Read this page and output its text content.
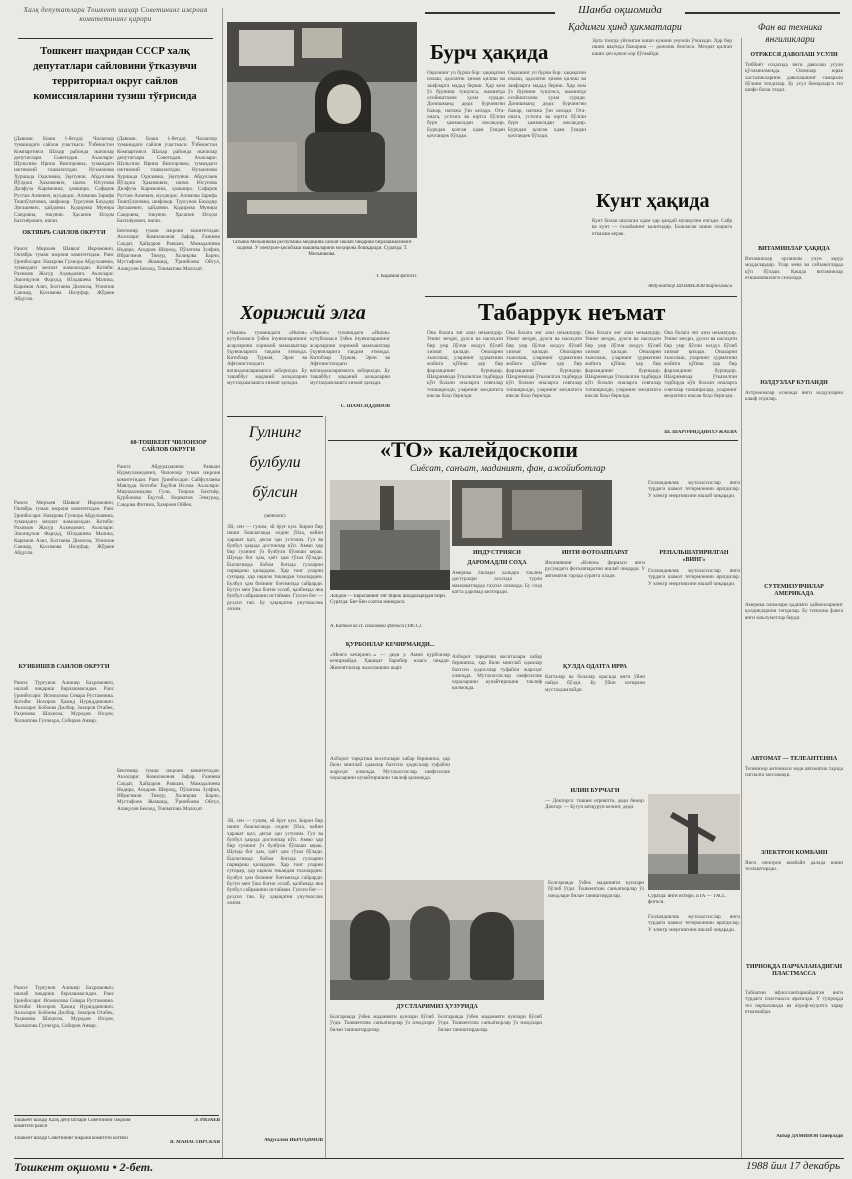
Халқ депутатлари Тошкент шаҳар Советининг ижроия комитетининг қарори
Тошкент шаҳридан СССР халқ депутатлари сайловини ўтказувчи территориал округ сайлов комиссияларини тузиш тўғрисида
(Давоми. Боши 1-бетда). Чиланзор туманидаги сайлов участкаси. Ўзбекистон Компартияси Шаҳар районда ишчилар депутатлари Советидан. Аъзолари: Шульгина Ирина Викторовна, тумандаги ижтимоий ташкилотдан. Нуъмонова Хуршида Одиловна, ўқитувчи. Абдуллаев Йўлдош Ҳакимович, ишчи. Юсупова Дилфуза Каримовна, ҳамшира. Сафаров Рустам Алиевич, муҳандис. Алимова Зарифа Тошпўлатовна, шифокор. Турсунов Баҳодир Эргашевич, ҳайдовчи. Қодирова Мунира Саидовна, тикувчи. Ҳасанов Илҳом Бахтиёрович, ишчи.
(Давоми. Боши 1-бетда). Чиланзор туманидаги сайлов участкаси. Ўзбекистон Компартияси Шаҳар районда ишчилар депутатлари Советидан. Аъзолари: Шульгина Ирина Викторовна, тумандаги ижтимоий ташкилотдан. Нуъмонова Хуршида Одиловна, ўқитувчи. Абдуллаев Йўлдош Ҳакимович, ишчи. Юсупова Дилфуза Каримовна, ҳамшира. Сафаров Рустам Алиевич, муҳандис. Алимова Зарифа Тошпўлатовна, шифокор. Турсунов Баҳодир Эргашевич, ҳайдовчи. Қодирова Мунира Саидовна, тикувчи. Ҳасанов Илҳом Бахтиёрович, ишчи.
ОКТЯБРЬ САЙЛОВ ОКРУГИ
Раиси: Мирзаев Шавкат Икромович, Октябрь туман ижроия комитетидан. Раис ўринбосари: Назарова Гулнора Абдуллаевна, тумандаги меҳнат жамоасидан. Котиби: Рахимов Жасур Аҳмедович. Аъзолари: Эшонқулов Фарҳод, Юлдашева Малика, Каримов Азиз, Болтаева Дилноза, Усмонов Санжар, Қосимова Нилуфар, Жўраев Абдулла.
Раиси: Мирзаев Шавкат Икромович, Октябрь туман ижроия комитетидан. Раис ўринбосари: Назарова Гулнора Абдуллаевна, тумандаги меҳнат жамоасидан. Котиби: Рахимов Жасур Аҳмедович. Аъзолари: Эшонқулов Фарҳод, Юлдашева Малика, Каримов Азиз, Болтаева Дилноза, Усмонов Санжар, Қосимова Нилуфар, Жўраев Абдулла.
КУЙБИШЕВ САЙЛОВ ОКРУГИ
Раиси: Турғунов Алишер Баҳромович, ишлаб чиқариш бирлашмасидан. Раис ўринбосари: Исмоилова Севара Рустамовна. Котиби: Носиров Ҳамид Нуриддинович. Аъзолари: Бобоева Дилбар, Зокиров Отабек, Раҳимова Шаҳноза, Муродов Илҳом, Холматова Гулчеҳра, Собиров Анвар.
Раиси: Турғунов Алишер Баҳромович, ишлаб чиқариш бирлашмасидан. Раис ўринбосари: Исмоилова Севара Рустамовна. Котиби: Носиров Ҳамид Нуриддинович. Аъзолари: Бобоева Дилбар, Зокиров Отабек, Раҳимова Шаҳноза, Муродов Илҳом, Холматова Гулчеҳра, Собиров Анвар.
Бектемир туман ижроия комитетидан. Аъзолари: Комилжонов Зафар, Ғаниева Саодат, Ҳайдаров Равшан, Мамадалиева Нодира, Асқаров Шерзод, Пўлатова Зулфия, Ибрагимов Тимур, Холиқова Барно, Мустафоев Жамшид, Ўринбоева Ойгул, Алиқулов Бекзод, Тошматова Малоҳат.
60-ТОШКЕНТ ЧИЛОНЗОР САЙЛОВ ОКРУГИ
Раиси: Абдураҳмонов Равшан Нурмухамедович, Чилонзор туман ижроия комитетидан. Раис ўринбосари: Сайфуллаева Мавлуда. Котиби: Ёқубов Ислом. Аъзолари: Мирзаахмедова Гули, Тоиров Бахтиёр, Қурбонова Ёқутой, Норматов Элмурод, Саидова Фотима, Ҳамроев Ойбек.
Бектемир туман ижроия комитетидан. Аъзолари: Комилжонов Зафар, Ғаниева Саодат, Ҳайдаров Равшан, Мамадалиева Нодира, Асқаров Шерзод, Пўлатова Зулфия, Ибрагимов Тимур, Холиқова Барно, Мустафоев Жамшид, Ўринбоева Ойгул, Алиқулов Бекзод, Тошматова Малоҳат.
Тошкент шаҳар Халқ депутатлари Советининг ижроия комитети раиси
Э. РИЗАЕВ
Тошкент шаҳар Советининг ижроия комитети котиби
В. МАНАСТИРСКАЯ
Татьяна Мельникова республика медицина саноат ишлаб чиқариш бирлашмасининг ходими. У электрон-ҳисоблаш машиналарини моҳирона бошқаради. Суратда: Т. Мельникова.
Т. Карамов фотоси.
Шанба оқшомида
Қадимги ҳинд ҳикматлари	Фан ва техника янгиликлари
Бурч ҳақида
Оқилнинг уч бурчи бор: ҳақиқатни излаш, адолатни ҳимоя қилиш ва заифларга мадад бериш. Ҳар ким ўз бурчини тушунса, жамиятда осойишталик ҳукм суради. Донишманд деди: бурчингни бажар, натижа ўзи келади. Ота-онага, устозга ва юртга бўлган бурч ҳаммасидан юксакдир. Бурчдан қочган одам ўзидан қочгандек бўлади.
Оқилнинг уч бурчи бор: ҳақиқатни излаш, адолатни ҳимоя қилиш ва заифларга мадад бериш. Ҳар ким ўз бурчини тушунса, жамиятда осойишталик ҳукм суради. Донишманд деди: бурчингни бажар, натижа ўзи келади. Ота-онага, устозга ва юртга бўлган бурч ҳаммасидан юксакдир. Бурчдан қочган одам ўзидан қочгандек бўлади.
Эрта тонгда уйғонган киши кунини унумли ўтказади. Ҳар бир ишни вақтида бажариш — донолик белгиси. Меҳнат қилган киши ҳеч қачон хор бўлмайди.
Кунт ҳақида
Кунт билан ишлаган одам ҳар қандай мушкулни енгади. Сабр ва кунт — ғалабанинг калитидир. Бошлаган ишни охирига етказиш керак.
Абдужаббор ШОНИЁЗОВ таржимаси
Табаррук неъмат
Она болага энг азиз неъматдир. Унинг меҳри, дуоси ва насиҳати бир умр йўлчи юлдуз бўлиб хизмат қилади. Оналарни эъзозлаш, уларнинг ҳурматини жойига қўйиш ҳар бир фарзанднинг бурчидир. Шаҳримизда ўтказилган тадбирда кўп болали оналарга совғалар топширилди, уларнинг меҳнатига юксак баҳо берилди.
Она болага энг азиз неъматдир. Унинг меҳри, дуоси ва насиҳати бир умр йўлчи юлдуз бўлиб хизмат қилади. Оналарни эъзозлаш, уларнинг ҳурматини жойига қўйиш ҳар бир фарзанднинг бурчидир. Шаҳримизда ўтказилган тадбирда кўп болали оналарга совғалар топширилди, уларнинг меҳнатига юксак баҳо берилди.
Она болага энг азиз неъматдир. Унинг меҳри, дуоси ва насиҳати бир умр йўлчи юлдуз бўлиб хизмат қилади. Оналарни эъзозлаш, уларнинг ҳурматини жойига қўйиш ҳар бир фарзанднинг бурчидир. Шаҳримизда ўтказилган тадбирда кўп болали оналарга совғалар топширилди, уларнинг меҳнатига юксак баҳо берилди.
Она болага энг азиз неъматдир. Унинг меҳри, дуоси ва насиҳати бир умр йўлчи юлдуз бўлиб хизмат қилади. Оналарни эъзозлаш, уларнинг ҳурматини жойига қўйиш ҳар бир фарзанднинг бурчидир. Шаҳримизда ўтказилган тадбирда кўп болали оналарга совғалар топширилди, уларнинг меҳнатига юксак баҳо берилди.
Ш. ШАРОФИДДИНХЎЖАЕВА
Хорижий элга
«Чаман» туманидаги «Ишчи» кутубхонаси ўзбек ёзувчиларининг асарларини хорижий мамлакатлар ўқувчиларига тақдим этмоқда. Китоблар Туркия, Эрон ва Афғонистондаги ватандошларимизга юборилди. Бу ташаббус маданий алоқаларни мустаҳкамлашга хизмат қилади.
«Чаман» туманидаги «Ишчи» кутубхонаси ўзбек ёзувчиларининг асарларини хорижий мамлакатлар ўқувчиларига тақдим этмоқда. Китоблар Туркия, Эрон ва Афғонистондаги ватандошларимизга юборилди. Бу ташаббус маданий алоқаларни мустаҳкамлашга хизмат қилади.
С. ШАМСИДДИНОВ
Гулнинг булбули бўлсин
(монолог)
Эй, сен — гулим, эй ёруғ кун. Бирон бир ишни бошлаганда олдин ўйла, кейин ҳаракат қил, деган эди устозим. Гул ва булбул ҳақида достонлар кўп. Аммо ҳар бир гулнинг ўз булбули бўлиши керак. Шунда боғ ҳам, ҳаёт ҳам гўзал бўлади. Ёшлигимда бобом боғида гулларни парвариш қилардим. Ҳар тонг уларни суғорар, ҳар оқшом тикандан тозалардим. Булбул ҳам бизнинг боғимизда сайрарди. Бугун мен ўша боғни эслаб, қалбимда яна булбул сайрашини истайман. Гулсиз боғ — руҳсиз тан. Бу ҳақиқатни унутмаслик лозим.
Эй, сен — гулим, эй ёруғ кун. Бирон бир ишни бошлаганда олдин ўйла, кейин ҳаракат қил, деган эди устозим. Гул ва булбул ҳақида достонлар кўп. Аммо ҳар бир гулнинг ўз булбули бўлиши керак. Шунда боғ ҳам, ҳаёт ҳам гўзал бўлади. Ёшлигимда бобом боғида гулларни парвариш қилардим. Ҳар тонг уларни суғорар, ҳар оқшом тикандан тозалардим. Булбул ҳам бизнинг боғимизда сайрарди. Бугун мен ўша боғни эслаб, қалбимда яна булбул сайрашини истайман. Гулсиз боғ — руҳсиз тан. Бу ҳақиқатни унутмаслик лозим.
Абдусалом ИБРОҲИМОВ
«ТО» калейдоскопи
Сиёсат, санъат, маданият, фан, ажойиботлар
Лондон — Европанинг энг йирик шаҳарларидан бири. Суратда: Биг-Бен соатли минораси.
А. Катков ва П. Пахомова фотоси (ТАСС).
ИНДУСТРИЯСИ
ДАРОМАДЛИ СОҲА
Америка ёшлари халқаро таълим дастурлари асосида турли мамлакатларда таҳсил олмоқда. Бу соҳа катта даромад келтиради.
ҚУРБОНЛАР КЕЧИРМАЙДИ...
«Менга кечиринг...» — деди у. Аммо қурбонлар кечирмайди. Ҳақиқат барибир юзага чиқади. Жиноятчилар жазоланиши шарт.
Ахборот тарқатиш воситалари хабар беришича, ҳар йили минглаб одамлар бахтсиз ҳодисалар туфайли жароҳат олмоқда. Мутахассислар хавфсизлик чораларини кучайтиришни таклиф қилмоқда.
Ахборот тарқатиш воситалари хабар беришича, ҳар йили минглаб одамлар бахтсиз ҳодисалар туфайли жароҳат олмоқда. Мутахассислар хавфсизлик чораларини кучайтиришни таклиф қилмоқда.
ИНТИ ФОТОАППАРАТ
Япониянинг «Кэнон» фирмаси янги русумдаги фотоаппаратни ишлаб чиқарди. У автоматик тарзда суратга олади.
ҚЎЛДА ОДАТГА ИРРА
Катталар ва болалар орасида янги ўйин пайдо бўлди. Бу ўйин хотирани мустаҳкамлайди.
ИЛИН БУРЧАГИ
— Докторга: тишим оғрияпти, деди бемор. Доктор: — Бугун кечқурун келинг, деди.
ДЎСТЛАРИМИЗ ҲУЗУРИДА
Болгарияда ўзбек маданияти кунлари бўлиб ўтди. Тошкентлик санъаткорлар ўз ижодлари билан таништирдилар.
Болгарияда ўзбек маданияти кунлари бўлиб ўтди. Тошкентлик санъаткорлар ўз ижодлари билан таништирдилар.
РЕНАЛЬШАТИРИЛГАН «ВИНГ»
Голландиялик мутахассислар янги турдаги шамол тегирмонини яратдилар. У электр энергиясини ишлаб чиқаради.
Голландиялик мутахассислар янги турдаги шамол тегирмонини яратдилар. У электр энергиясини ишлаб чиқаради.
Суратда: янги ихтиро. БТА — ТАСС фотоси.
Болгарияда ўзбек маданияти кунлари бўлиб ўтди. Тошкентлик санъаткорлар ўз ижодлари билан таништирдилар.
Голландиялик мутахассислар янги турдаги шамол тегирмонини яратдилар. У электр энергиясини ишлаб чиқаради.
ОТРЖЕСЯ ДАВОЛАШ УСУЛИ
Тиббиёт соҳасида янги даволаш усули қўлланилмоқда. Олимлар юрак хасталикларини даволашнинг самарали йўлини топдилар. Бу усул беморларга тез шифо бахш этади.
ВИТАМИНЛАР ҲАҚИДА
Витаминлар организм учун зарур моддалардир. Улар мева ва сабзавотларда кўп бўлади. Қишда витаминлар етишмовчилиги сезилади.
ЮЛДУЗЛАР КЎПАЙДИ
Астрономлар осмонда янги юлдузларни кашф этдилар.
СУТЕМИЗУВЧИЛАР АМЕРИКАДА
Америка олимлари қадимги ҳайвонларнинг қолдиқларини топдилар. Бу топилма фанга янги маълумотлар берди.
АВТОМАТ — ТЕЛЕАНТЕННА
Телевизор антеннаси энди автоматик тарзда сигналга мосланади.
ЭЛЕКТРОН КОМБАЙН
Янги электрон комбайн далада ишни тезлаштиради.
ТИРНОҚДА ПАРЧАЛАНАДИГАН ПЛАСТМАССА
Табиатни ифлослантирмайдиган янги турдаги пластмасса яратилди. У тупроқда тез парчаланади ва атроф-муҳитга зарар етказмайди.
Акбар ДАМИНОВ тайёрлади
Тошкент оқшоми • 2-бет.	1988 йил 17 декабрь
